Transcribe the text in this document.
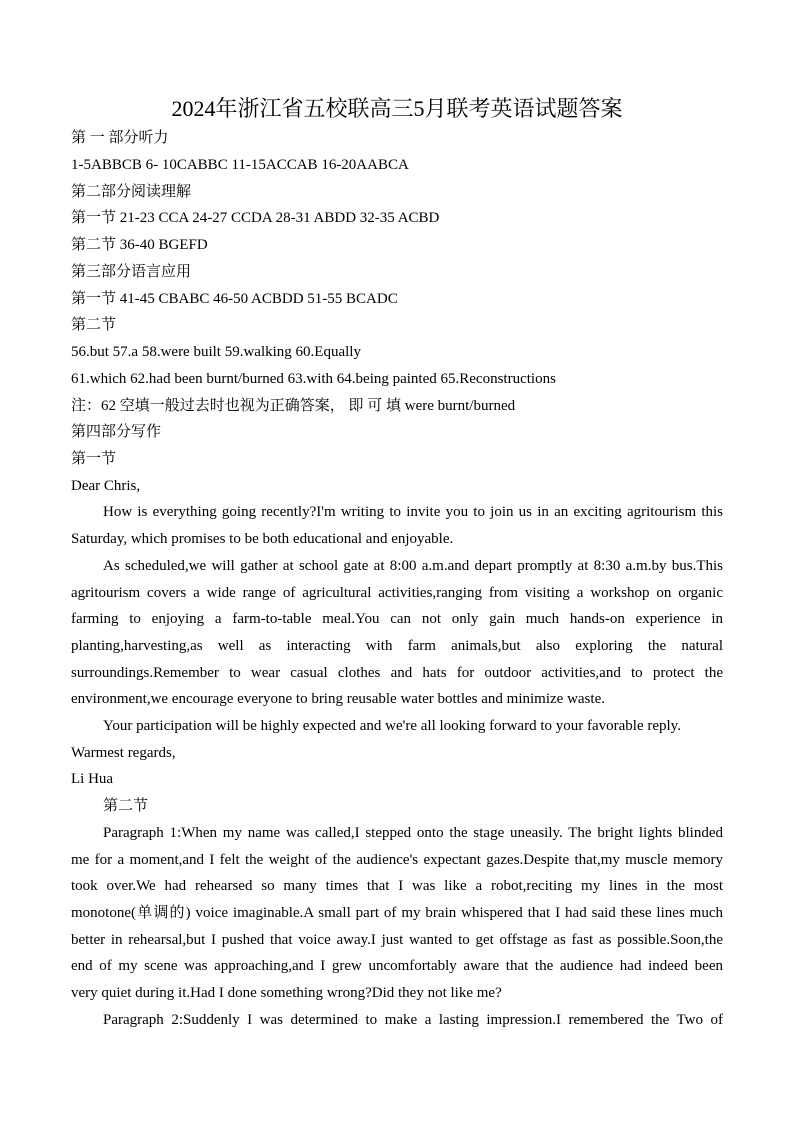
2024年浙江省五校联高三5月联考英语试题答案
第 一 部分听力
1-5ABBCB 6- 10CABBC 11-15ACCAB 16-20AABCA
第二部分阅读理解
第一节 21-23 CCA 24-27 CCDA 28-31 ABDD 32-35 ACBD
第二节 36-40 BGEFD
第三部分语言应用
第一节 41-45 CBABC 46-50 ACBDD 51-55 BCADC
第二节
56.but 57.a 58.were built 59.walking 60.Equally
61.which 62.had been burnt/burned 63.with 64.being painted 65.Reconstructions
注：62 空填一般过去时也视为正确答案， 即 可 填 were burnt/burned
第四部分写作
第一节
Dear Chris,
How is everything going recently?I'm writing to invite you to join us in an exciting agritourism this
Saturday, which promises to be both educational and enjoyable.
As scheduled,we will gather at school gate at 8:00 a.m.and depart promptly at 8:30 a.m.by bus.This
agritourism covers a wide range of agricultural activities,ranging from visiting a workshop on organic
farming to enjoying a farm-to-table meal.You can not only gain much hands-on experience in
planting,harvesting,as well as interacting with farm animals,but also exploring the natural
surroundings.Remember to wear casual clothes and hats for outdoor activities,and to protect the
environment,we encourage everyone to bring reusable water bottles and minimize waste.
Your participation will be highly expected and we're all looking forward to your favorable reply.
Warmest regards,
Li Hua
第二节
Paragraph 1:When my name was called,I stepped onto the stage uneasily. The bright lights blinded
me for a moment,and I felt the weight of the audience's expectant gazes.Despite that,my muscle memory
took over.We had rehearsed so many times that I was like a robot,reciting my lines in the most
monotone(单调的) voice imaginable.A small part of my brain whispered that I had said these lines much
better in rehearsal,but I pushed that voice away.I just wanted to get offstage as fast as possible.Soon,the
end of my scene was approaching,and I grew uncomfortably aware that the audience had indeed been
very quiet during it.Had I done something wrong?Did they not like me?
Paragraph 2:Suddenly I was determined to make a lasting impression.I remembered the Two of
